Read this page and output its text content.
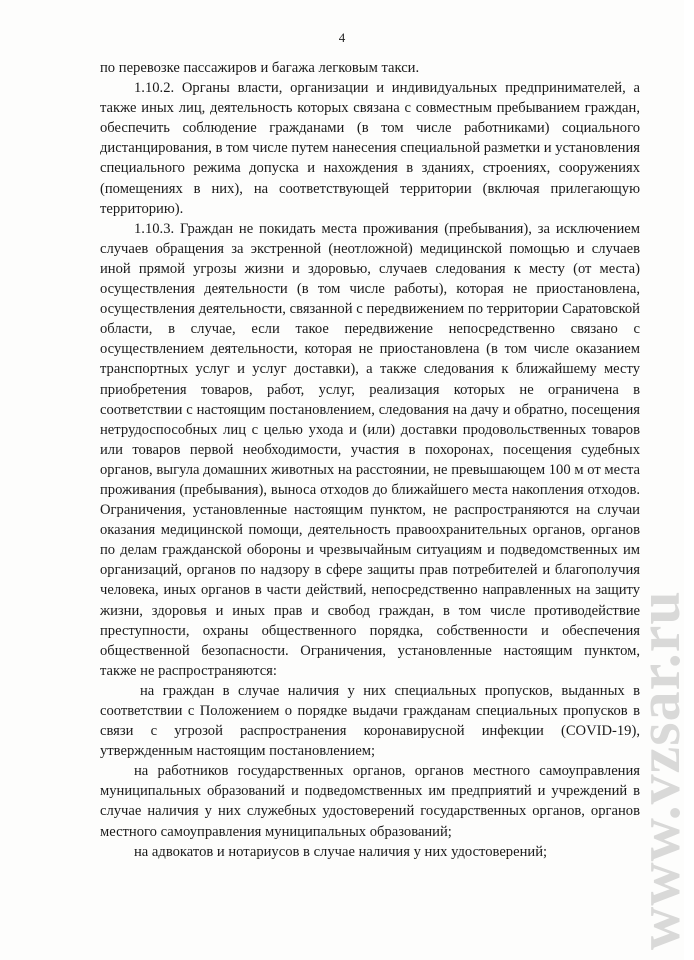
4

по перевозке пассажиров и багажа легковым такси.

1.10.2. Органы власти, организации и индивидуальных предпринимателей, а также иных лиц, деятельность которых связана с совместным пребыванием граждан, обеспечить соблюдение гражданами (в том числе работниками) социального дистанцирования, в том числе путем нанесения специальной разметки и установления специального режима допуска и нахождения в зданиях, строениях, сооружениях (помещениях в них), на соответствующей территории (включая прилегающую территорию).

1.10.3. Граждан не покидать места проживания (пребывания), за исключением случаев обращения за экстренной (неотложной) медицинской помощью и случаев иной прямой угрозы жизни и здоровью, случаев следования к месту (от места) осуществления деятельности (в том числе работы), которая не приостановлена, осуществления деятельности, связанной с передвижением по территории Саратовской области, в случае, если такое передвижение непосредственно связано с осуществлением деятельности, которая не приостановлена (в том числе оказанием транспортных услуг и услуг доставки), а также следования к ближайшему месту приобретения товаров, работ, услуг, реализация которых не ограничена в соответствии с настоящим постановлением, следования на дачу и обратно, посещения нетрудоспособных лиц с целью ухода и (или) доставки продовольственных товаров или товаров первой необходимости, участия в похоронах, посещения судебных органов, выгула домашних животных на расстоянии, не превышающем 100 м от места проживания (пребывания), выноса отходов до ближайшего места накопления отходов. Ограничения, установленные настоящим пунктом, не распространяются на случаи оказания медицинской помощи, деятельность правоохранительных органов, органов по делам гражданской обороны и чрезвычайным ситуациям и подведомственных им организаций, органов по надзору в сфере защиты прав потребителей и благополучия человека, иных органов в части действий, непосредственно направленных на защиту жизни, здоровья и иных прав и свобод граждан, в том числе противодействие преступности, охраны общественного порядка, собственности и обеспечения общественной безопасности. Ограничения, установленные настоящим пунктом, также не распространяются:

на граждан в случае наличия у них специальных пропусков, выданных в соответствии с Положением о порядке выдачи гражданам специальных пропусков в связи с угрозой распространения коронавирусной инфекции (COVID-19), утвержденным настоящим постановлением;

на работников государственных органов, органов местного самоуправления муниципальных образований и подведомственных им предприятий и учреждений в случае наличия у них служебных удостоверений государственных органов, органов местного самоуправления муниципальных образований;

на адвокатов и нотариусов в случае наличия у них удостоверений;	www.vzsar.ru
